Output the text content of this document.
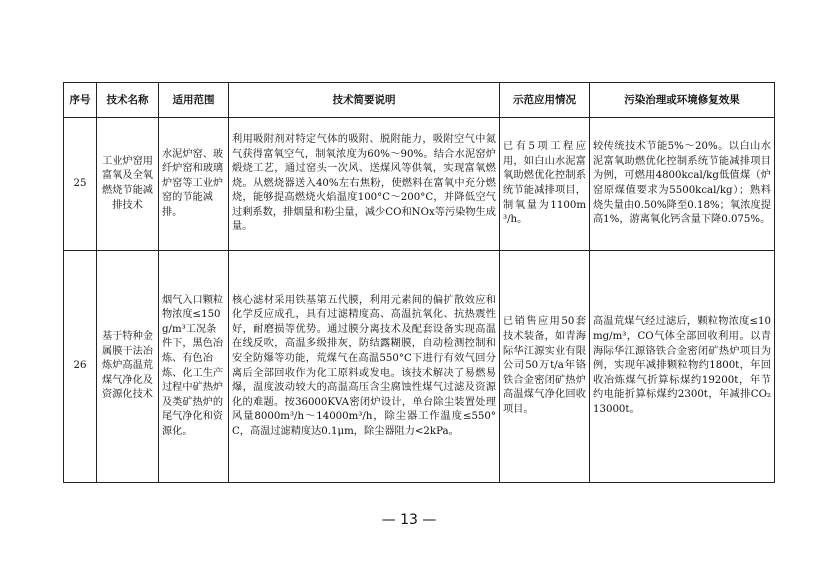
序号	技术名称	适用范围	技术简要说明	示范应用情况	污染治理或环境修复效果
25	工业炉窑用富氧及全氧燃烧节能减排技术	水泥炉窑、玻纤炉窑和玻璃炉窑等工业炉窑的节能减排。	利用吸附剂对特定气体的吸附、脱附能力，吸附空气中氮气获得富氧空气，制氧浓度为60%～90%。结合水泥窑炉煅烧工艺，通过窑头一次风、送煤风等供氧，实现富氧燃烧。从燃烧器送入40%左右焦粉，使燃料在富氧中充分燃烧，能够提高燃烧火焰温度100°C～200°C，并降低空气过剩系数，排烟量和粉尘量，减少CO和NOx等污染物生成量。	已有5项工程应用，如白山水泥富氧助燃优化控制系统节能减排项目，制氧量为1100m³/h。	较传统技术节能5%～20%。以白山水泥富氧助燃优化控制系统节能减排项目为例，可燃用4800kcal/kg低值煤（炉窑原煤值要求为5500kcal/kg）；熟料烧失量由0.50%降至0.18%；氧浓度提高1%，游离氧化钙含量下降0.075%。
26	基于特种金属膜干法冶炼炉高温荒煤气净化及资源化技术	烟气入口颗粒物浓度≤150g/m³工况条件下，黑色冶炼、有色冶炼、化工生产过程中矿热炉及类矿热炉的尾气净化和资源化。	核心滤材采用铁基第五代膜，利用元素间的偏扩散效应和化学反应成孔，具有过滤精度高、高温抗氧化、抗热震性好，耐磨损等优势。通过膜分离技术及配套设备实现高温在线反吹，高温多级排灰，防结露糊膜，自动检测控制和安全防爆等功能，荒煤气在高温550°C下进行有效气回分离后全部回收作为化工原料或发电。该技术解决了易燃易爆，温度波动较大的高温高压含尘腐蚀性煤气过滤及资源化的难题。按36000KVA密闭炉设计，单台除尘装置处理风量8000m³/h～14000m³/h，除尘器工作温度≤550°C，高温过滤精度达0.1μm，除尘器阻力<2kPa。	已销售应用50套技术装备，如青海际华江源实业有限公司50万t/a年铬铁合金密闭矿热炉高温煤气净化回收项目。	高温荒煤气经过滤后，颗粒物浓度≤10mg/m³，CO气体全部回收利用。以青海际华江源铬铁合金密闭矿热炉项目为例，实现年减排颗粒物约1800t，年回收冶炼煤气折算标煤约19200t，年节约电能折算标煤约2300t，年减排CO₂13000t。
— 13 —
